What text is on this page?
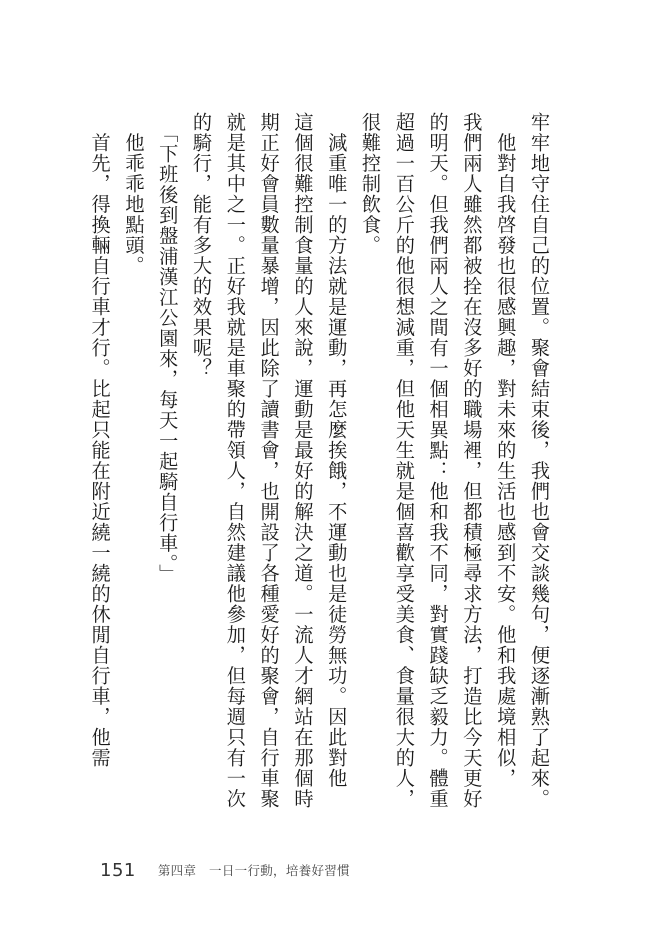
牢牢地守住自己的位置。聚會結束後，我們也會交談幾句，便逐漸熟了起來。

　他對自我啓發也很感興趣，對未來的生活也感到不安。他和我處境相似，

我們兩人雖然都被拴在沒多好的職場裡，但都積極尋求方法，打造比今天更好

的明天。但我們兩人之間有一個相異點：他和我不同，對實踐缺乏毅力。體重

超過一百公斤的他很想減重，但他天生就是個喜歡享受美食、食量很大的人，

很難控制飲食。

　減重唯一的方法就是運動，再怎麼挨餓，不運動也是徒勞無功。因此對他

這個很難控制食量的人來說，運動是最好的解決之道。一流人才網站在那個時

期正好會員數量暴增，因此除了讀書會，也開設了各種愛好的聚會，自行車聚

就是其中之一。正好我就是車聚的帶領人，自然建議他參加，但每週只有一次

的騎行，能有多大的效果呢？

　「下班後到盤浦漢江公園來，每天一起騎自行車。」

　他乖乖地點頭。

　首先，得換輛自行車才行。比起只能在附近繞一繞的休閒自行車，他需

151 第四章　一日一行動，培養好習慣
